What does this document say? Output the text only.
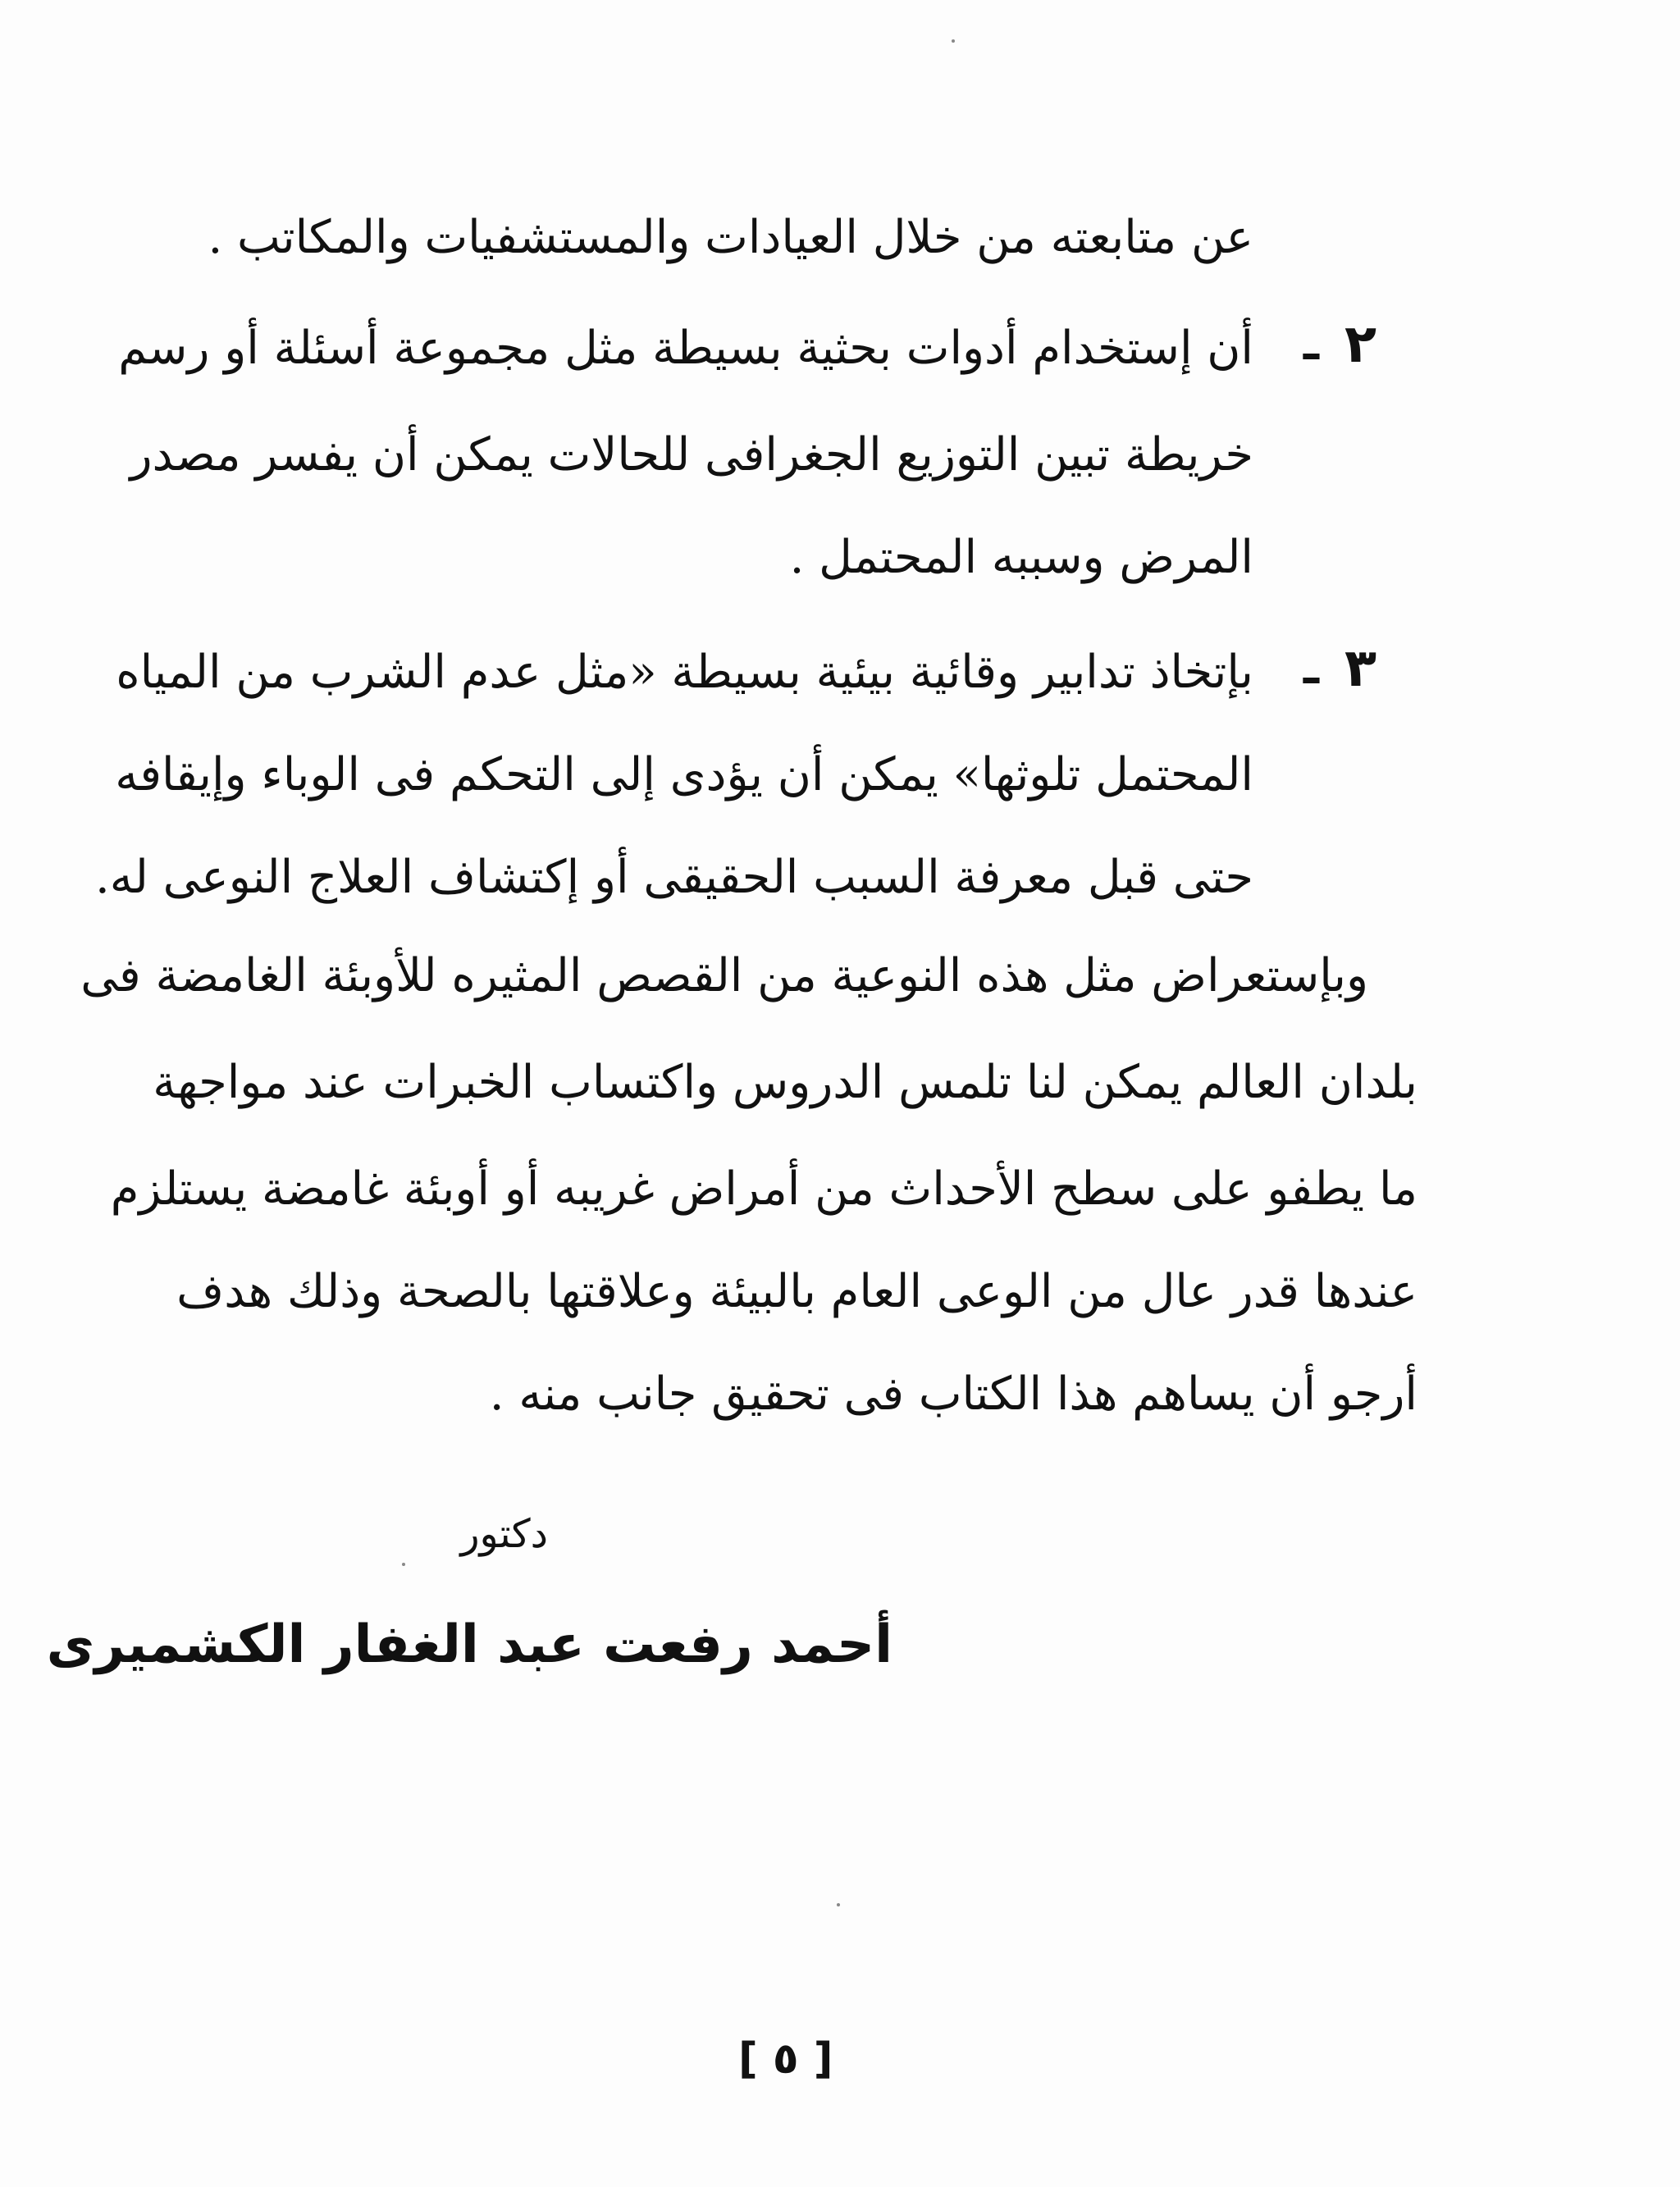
عن متابعته من خلال العيادات والمستشفيات والمكاتب .

٢

ـ

أن إستخدام أدوات بحثية بسيطة مثل مجموعة أسئلة أو رسم

خريطة تبين التوزيع الجغرافى للحالات يمكن أن يفسر مصدر

المرض وسببه المحتمل .

٣

ـ

بإتخاذ تدابير وقائية بيئية بسيطة «مثل عدم الشرب من المياه

المحتمل تلوثها» يمكن أن يؤدى إلى التحكم فى الوباء وإيقافه

حتى قبل معرفة السبب الحقيقى أو إكتشاف العلاج النوعى له.

وبإستعراض مثل هذه النوعية من القصص المثيره للأوبئة الغامضة فى

بلدان العالم يمكن لنا تلمس الدروس واكتساب الخبرات عند مواجهة

ما يطفو على سطح الأحداث من أمراض غريبه أو أوبئة غامضة يستلزم

عندها قدر عال من الوعى العام بالبيئة وعلاقتها بالصحة وذلك هدف

أرجو أن يساهم هذا الكتاب فى تحقيق جانب منه .

دكتور

أحمد رفعت عبد الغفار الكشميرى

[ ٥ ]
